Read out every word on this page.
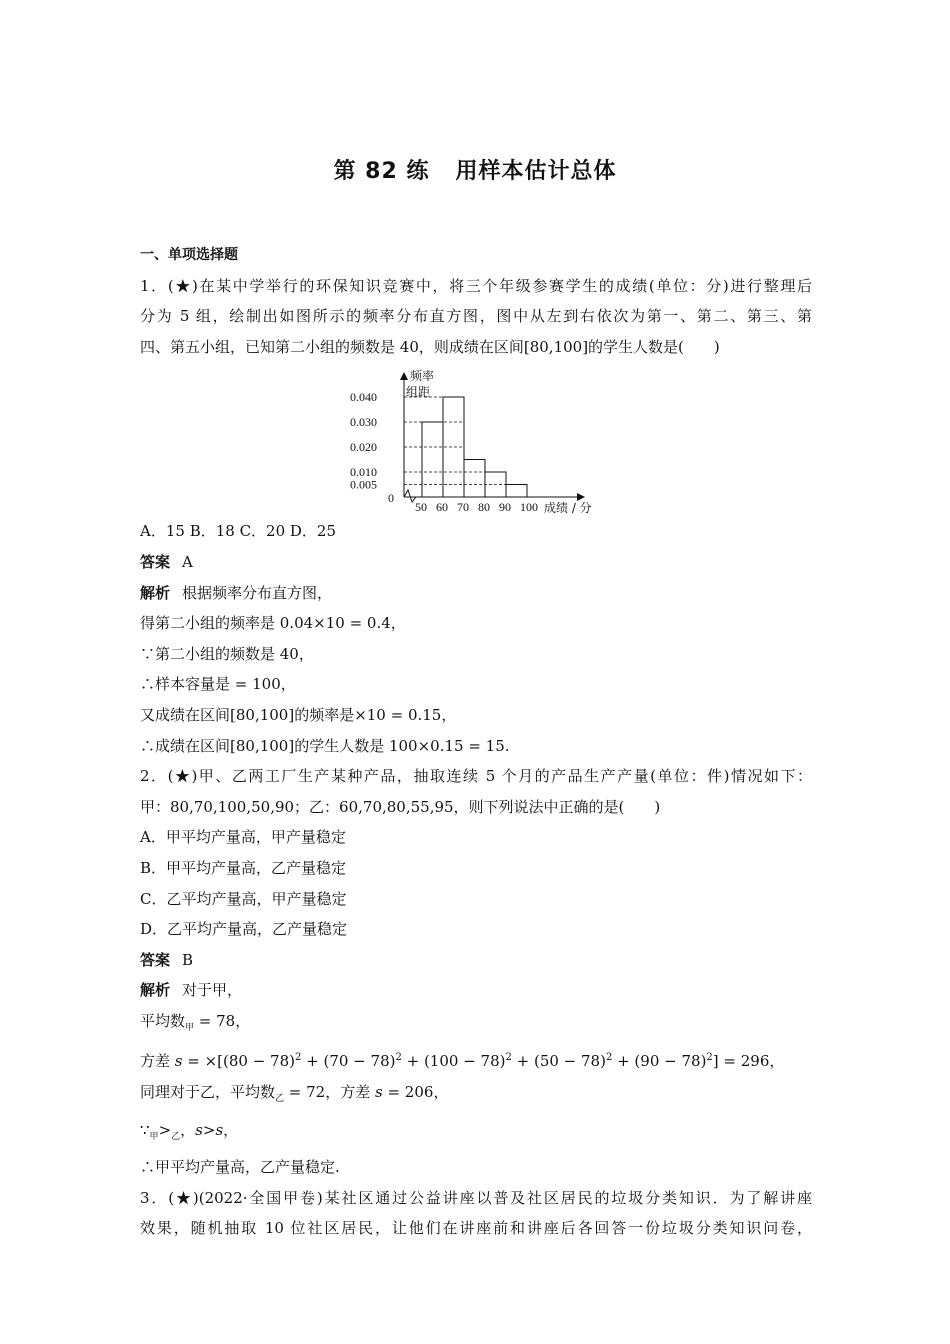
第 82 练 用样本估计总体

一、单项选择题

1．(★)在某中学举行的环保知识竞赛中，将三个年级参赛学生的成绩(单位：分)进行整理后

分为 5 组，绘制出如图所示的频率分布直方图，图中从左到右依次为第一、第二、第三、第

四、第五小组，已知第二小组的频数是 40，则成绩在区间[80,100]的学生人数是(　　)

频率
组距
成绩 / 分
0
0.040
0.030
0.020
0.010
0.005
50 60 70 80 90 100

A．15 B．18 C．20 D．25

答案 A

解析 根据频率分布直方图，

得第二小组的频率是 0.04×10 = 0.4，

∵第二小组的频数是 40，

∴样本容量是 = 100，

又成绩在区间[80,100]的频率是×10 = 0.15，

∴成绩在区间[80,100]的学生人数是 100×0.15 = 15.

2．(★)甲、乙两工厂生产某种产品，抽取连续 5 个月的产品生产产量(单位：件)情况如下：

甲：80,70,100,50,90；乙：60,70,80,55,95，则下列说法中正确的是(　　)

A．甲平均产量高，甲产量稳定

B．甲平均产量高，乙产量稳定

C．乙平均产量高，甲产量稳定

D．乙平均产量高，乙产量稳定

答案 B

解析 对于甲，

平均数$_甲$ = 78，

方差 $s = \times[(80 - 78)^2 + (70 - 78)^2 + (100 - 78)^2 + (50 - 78)^2 + (90 - 78)^2] = 296$，

同理对于乙，平均数$_乙$ = 72，方差 s = 206，

$\because_甲>_乙$，s>s，

∴甲平均产量高，乙产量稳定.

3．(★)(2022·全国甲卷)某社区通过公益讲座以普及社区居民的垃圾分类知识．为了解讲座

效果，随机抽取 10 位社区居民，让他们在讲座前和讲座后各回答一份垃圾分类知识问卷，
